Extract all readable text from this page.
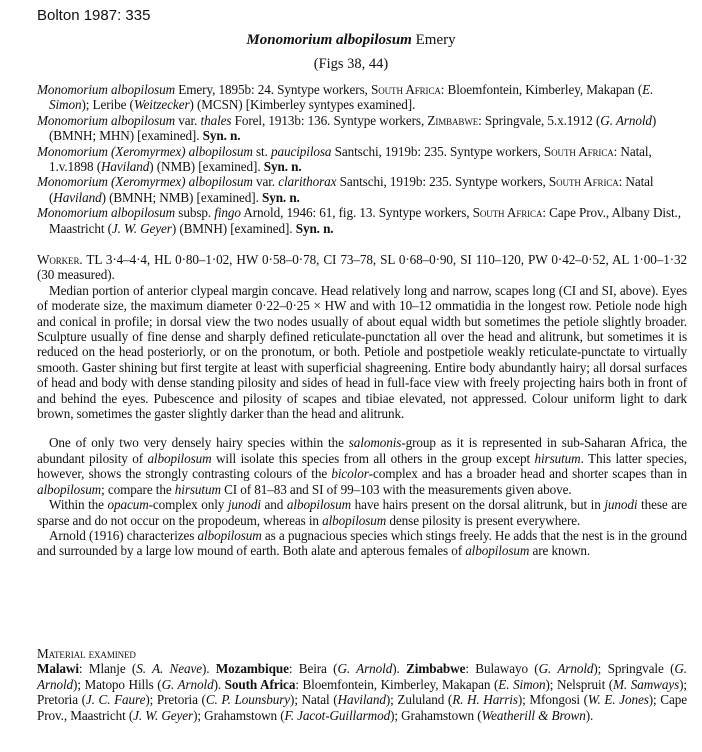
Bolton 1987: 335
Monomorium albopilosum Emery
(Figs 38, 44)

Monomorium albopilosum Emery, 1895b: 24. Syntype workers, South Africa: Bloemfontein, Kimberley, Makapan (E. Simon); Leribe (Weitzecker) (MCSN) [Kimberley syntypes examined].

Monomorium albopilosum var. thales Forel, 1913b: 136. Syntype workers, Zimbabwe: Springvale, 5.x.1912 (G. Arnold) (BMNH; MHN) [examined]. Syn. n.

Monomorium (Xeromyrmex) albopilosum st. paucipilosa Santschi, 1919b: 235. Syntype workers, South Africa: Natal, 1.v.1898 (Haviland) (NMB) [examined]. Syn. n.

Monomorium (Xeromyrmex) albopilosum var. clarithorax Santschi, 1919b: 235. Syntype workers, South Africa: Natal (Haviland) (BMNH; NMB) [examined]. Syn. n.

Monomorium albopilosum subsp. fingo Arnold, 1946: 61, fig. 13. Syntype workers, South Africa: Cape Prov., Albany Dist., Maastricht (J. W. Geyer) (BMNH) [examined]. Syn. n.

Worker. TL 3·4–4·4, HL 0·80–1·02, HW 0·58–0·78, CI 73–78, SL 0·68–0·90, SI 110–120, PW 0·42–0·52, AL 1·00–1·32 (30 measured).

Median portion of anterior clypeal margin concave. Head relatively long and narrow, scapes long (CI and SI, above). Eyes of moderate size, the maximum diameter 0·22–0·25 × HW and with 10–12 ommatidia in the longest row. Petiole node high and conical in profile; in dorsal view the two nodes usually of about equal width but sometimes the petiole slightly broader. Sculpture usually of fine dense and sharply defined reticulate-punctation all over the head and alitrunk, but sometimes it is reduced on the head posteriorly, or on the pronotum, or both. Petiole and postpetiole weakly reticulate-punctate to virtually smooth. Gaster shining but first tergite at least with superficial shagreening. Entire body abundantly hairy; all dorsal surfaces of head and body with dense standing pilosity and sides of head in full-face view with freely projecting hairs both in front of and behind the eyes. Pubescence and pilosity of scapes and tibiae elevated, not appressed. Colour uniform light to dark brown, sometimes the gaster slightly darker than the head and alitrunk.

One of only two very densely hairy species within the salomonis-group as it is represented in sub-Saharan Africa, the abundant pilosity of albopilosum will isolate this species from all others in the group except hirsutum. This latter species, however, shows the strongly contrasting colours of the bicolor-complex and has a broader head and shorter scapes than in albopilosum; compare the hirsutum CI of 81–83 and SI of 99–103 with the measurements given above.

Within the opacum-complex only junodi and albopilosum have hairs present on the dorsal alitrunk, but in junodi these are sparse and do not occur on the propodeum, whereas in albopilosum dense pilosity is present everywhere.

Arnold (1916) characterizes albopilosum as a pugnacious species which stings freely. He adds that the nest is in the ground and surrounded by a large low mound of earth. Both alate and apterous females of albopilosum are known.

Material examined

Malawi: Mlanje (S. A. Neave). Mozambique: Beira (G. Arnold). Zimbabwe: Bulawayo (G. Arnold); Springvale (G. Arnold); Matopo Hills (G. Arnold). South Africa: Bloemfontein, Kimberley, Makapan (E. Simon); Nelspruit (M. Samways); Pretoria (J. C. Faure); Pretoria (C. P. Lounsbury); Natal (Haviland); Zululand (R. H. Harris); Mfongosi (W. E. Jones); Cape Prov., Maastricht (J. W. Geyer); Grahamstown (F. Jacot-Guillarmod); Grahamstown (Weatherill & Brown).
